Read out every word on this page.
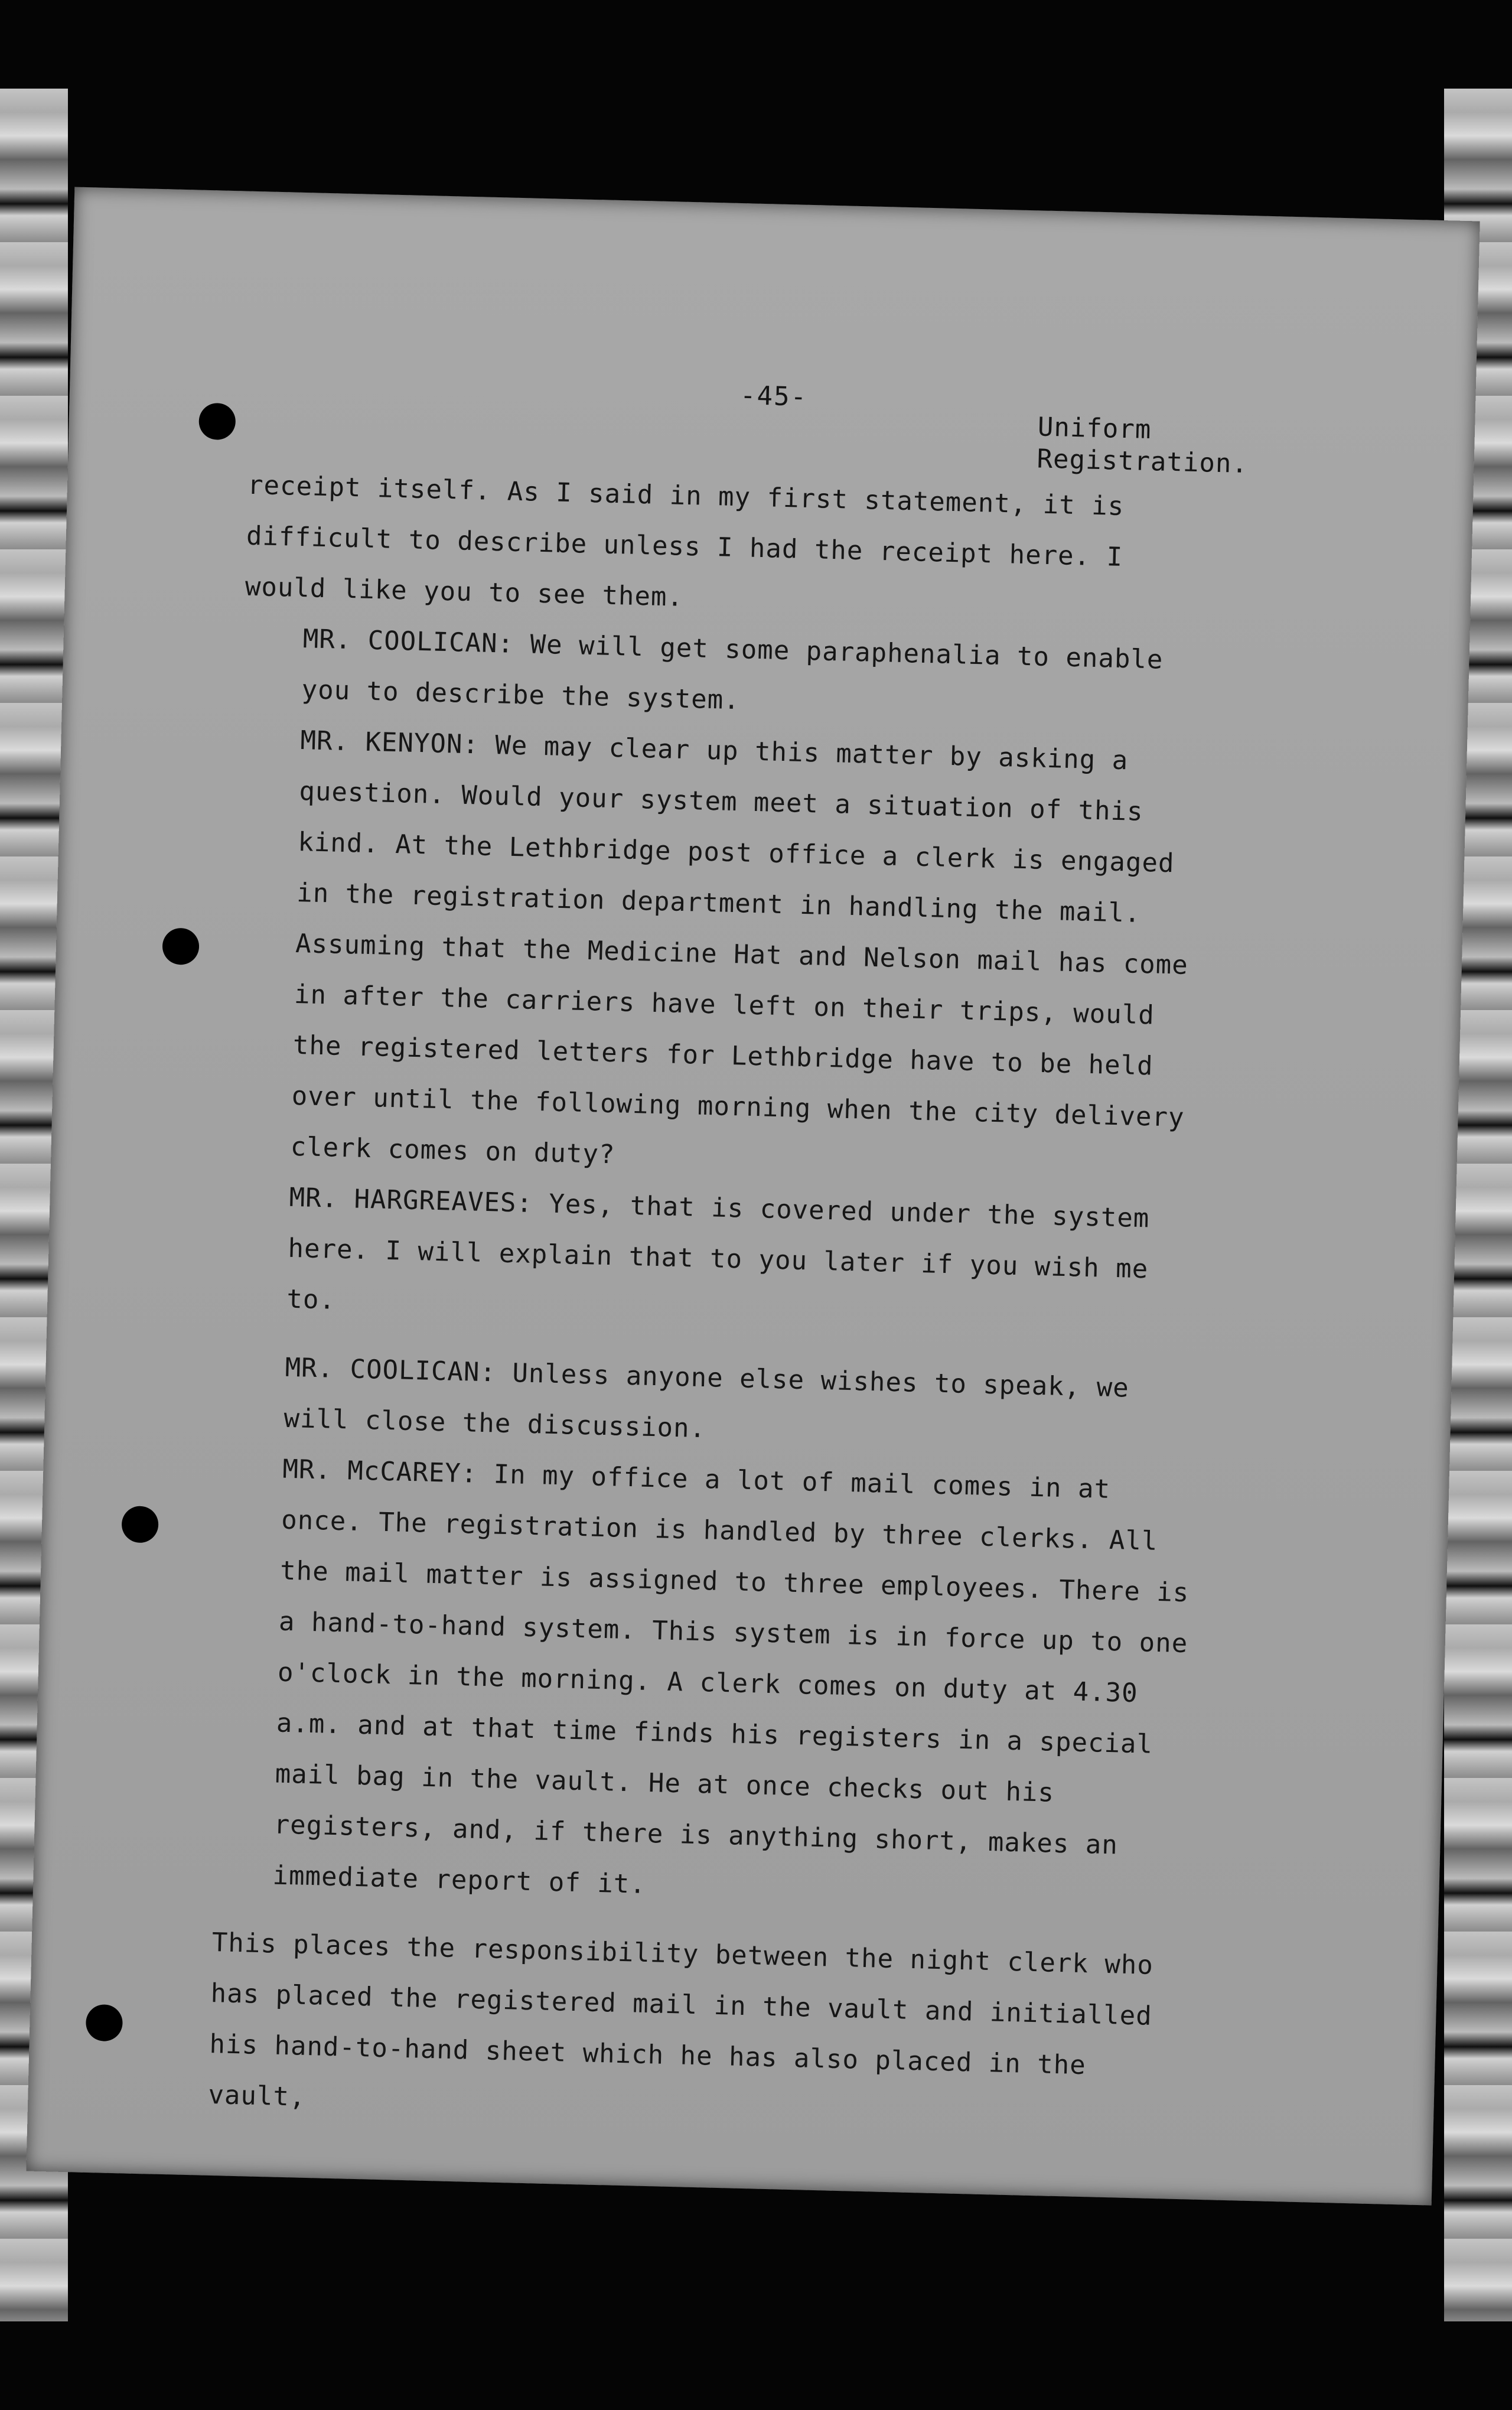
-45-
Uniform
Registration.

receipt itself. As I said in my first statement, it is difficult to describe unless I had the receipt here. I would like you to see them.

MR. COOLICAN: We will get some paraphenalia to enable you to describe the system.

MR. KENYON: We may clear up this matter by asking a question. Would your system meet a situation of this kind. At the Lethbridge post office a clerk is engaged in the registration department in handling the mail. Assuming that the Medicine Hat and Nelson mail has come in after the carriers have left on their trips, would the registered letters for Lethbridge have to be held over until the following morning when the city delivery clerk comes on duty?

MR. HARGREAVES: Yes, that is covered under the system here. I will explain that to you later if you wish me to.

MR. COOLICAN: Unless anyone else wishes to speak, we will close the discussion.

MR. McCAREY: In my office a lot of mail comes in at once. The registration is handled by three clerks. All the mail matter is assigned to three employees. There is a hand-to-hand system. This system is in force up to one o'clock in the morning. A clerk comes on duty at 4.30 a.m. and at that time finds his registers in a special mail bag in the vault. He at once checks out his registers, and, if there is anything short, makes an immediate report of it.

This places the responsibility between the night clerk who has placed the registered mail in the vault and initialled his hand-to-hand sheet which he has also placed in the vault,
